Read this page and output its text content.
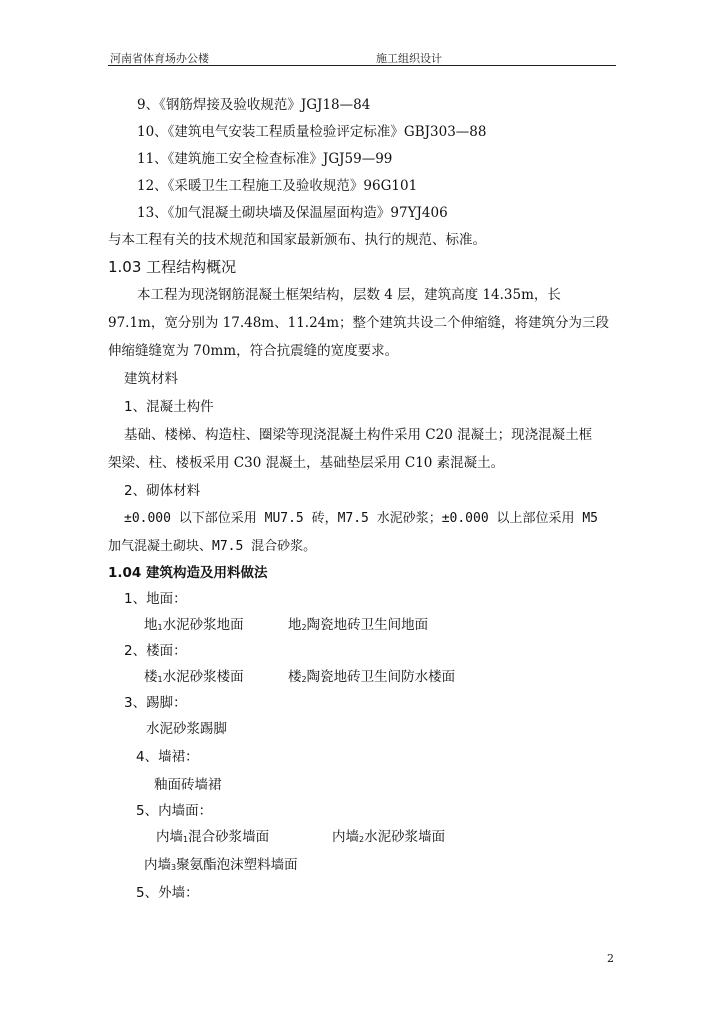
河南省体育场办公楼	施工组织设计
9、《钢筋焊接及验收规范》JGJ18—84
10、《建筑电气安装工程质量检验评定标准》GBJ303—88
11、《建筑施工安全检查标准》JGJ59—99
12、《采暖卫生工程施工及验收规范》96G101
13、《加气混凝土砌块墙及保温屋面构造》97YJ406
与本工程有关的技术规范和国家最新颁布、执行的规范、标准。
1.03 工程结构概况
本工程为现浇钢筋混凝土框架结构，层数 4 层，建筑高度 14.35m，长
97.1m，宽分别为 17.48m、11.24m；整个建筑共设二个伸缩缝，将建筑分为三段
伸缩缝缝宽为 70mm，符合抗震缝的宽度要求。
建筑材料
1、混凝土构件
基础、楼梯、构造柱、圈梁等现浇混凝土构件采用 C20 混凝土；现浇混凝土框
架梁、柱、楼板采用 C30 混凝土，基础垫层采用 C10 素混凝土。
2、砌体材料
±0.000 以下部位采用 MU7.5 砖，M7.5 水泥砂浆；±0.000 以上部位采用 M5
加气混凝土砌块、M7.5 混合砂浆。
1.04 建筑构造及用料做法
1、地面：
地$_1$水泥砂浆地面	地$_2$陶瓷地砖卫生间地面
2、楼面：
楼$_1$水泥砂浆楼面	楼$_2$陶瓷地砖卫生间防水楼面
3、踢脚：
水泥砂浆踢脚
4、墙裙：
釉面砖墙裙
5、内墙面：
内墙$_1$混合砂浆墙面	内墙$_2$水泥砂浆墙面
内墙$_3$聚氨酯泡沫塑料墙面
5、外墙：
2
